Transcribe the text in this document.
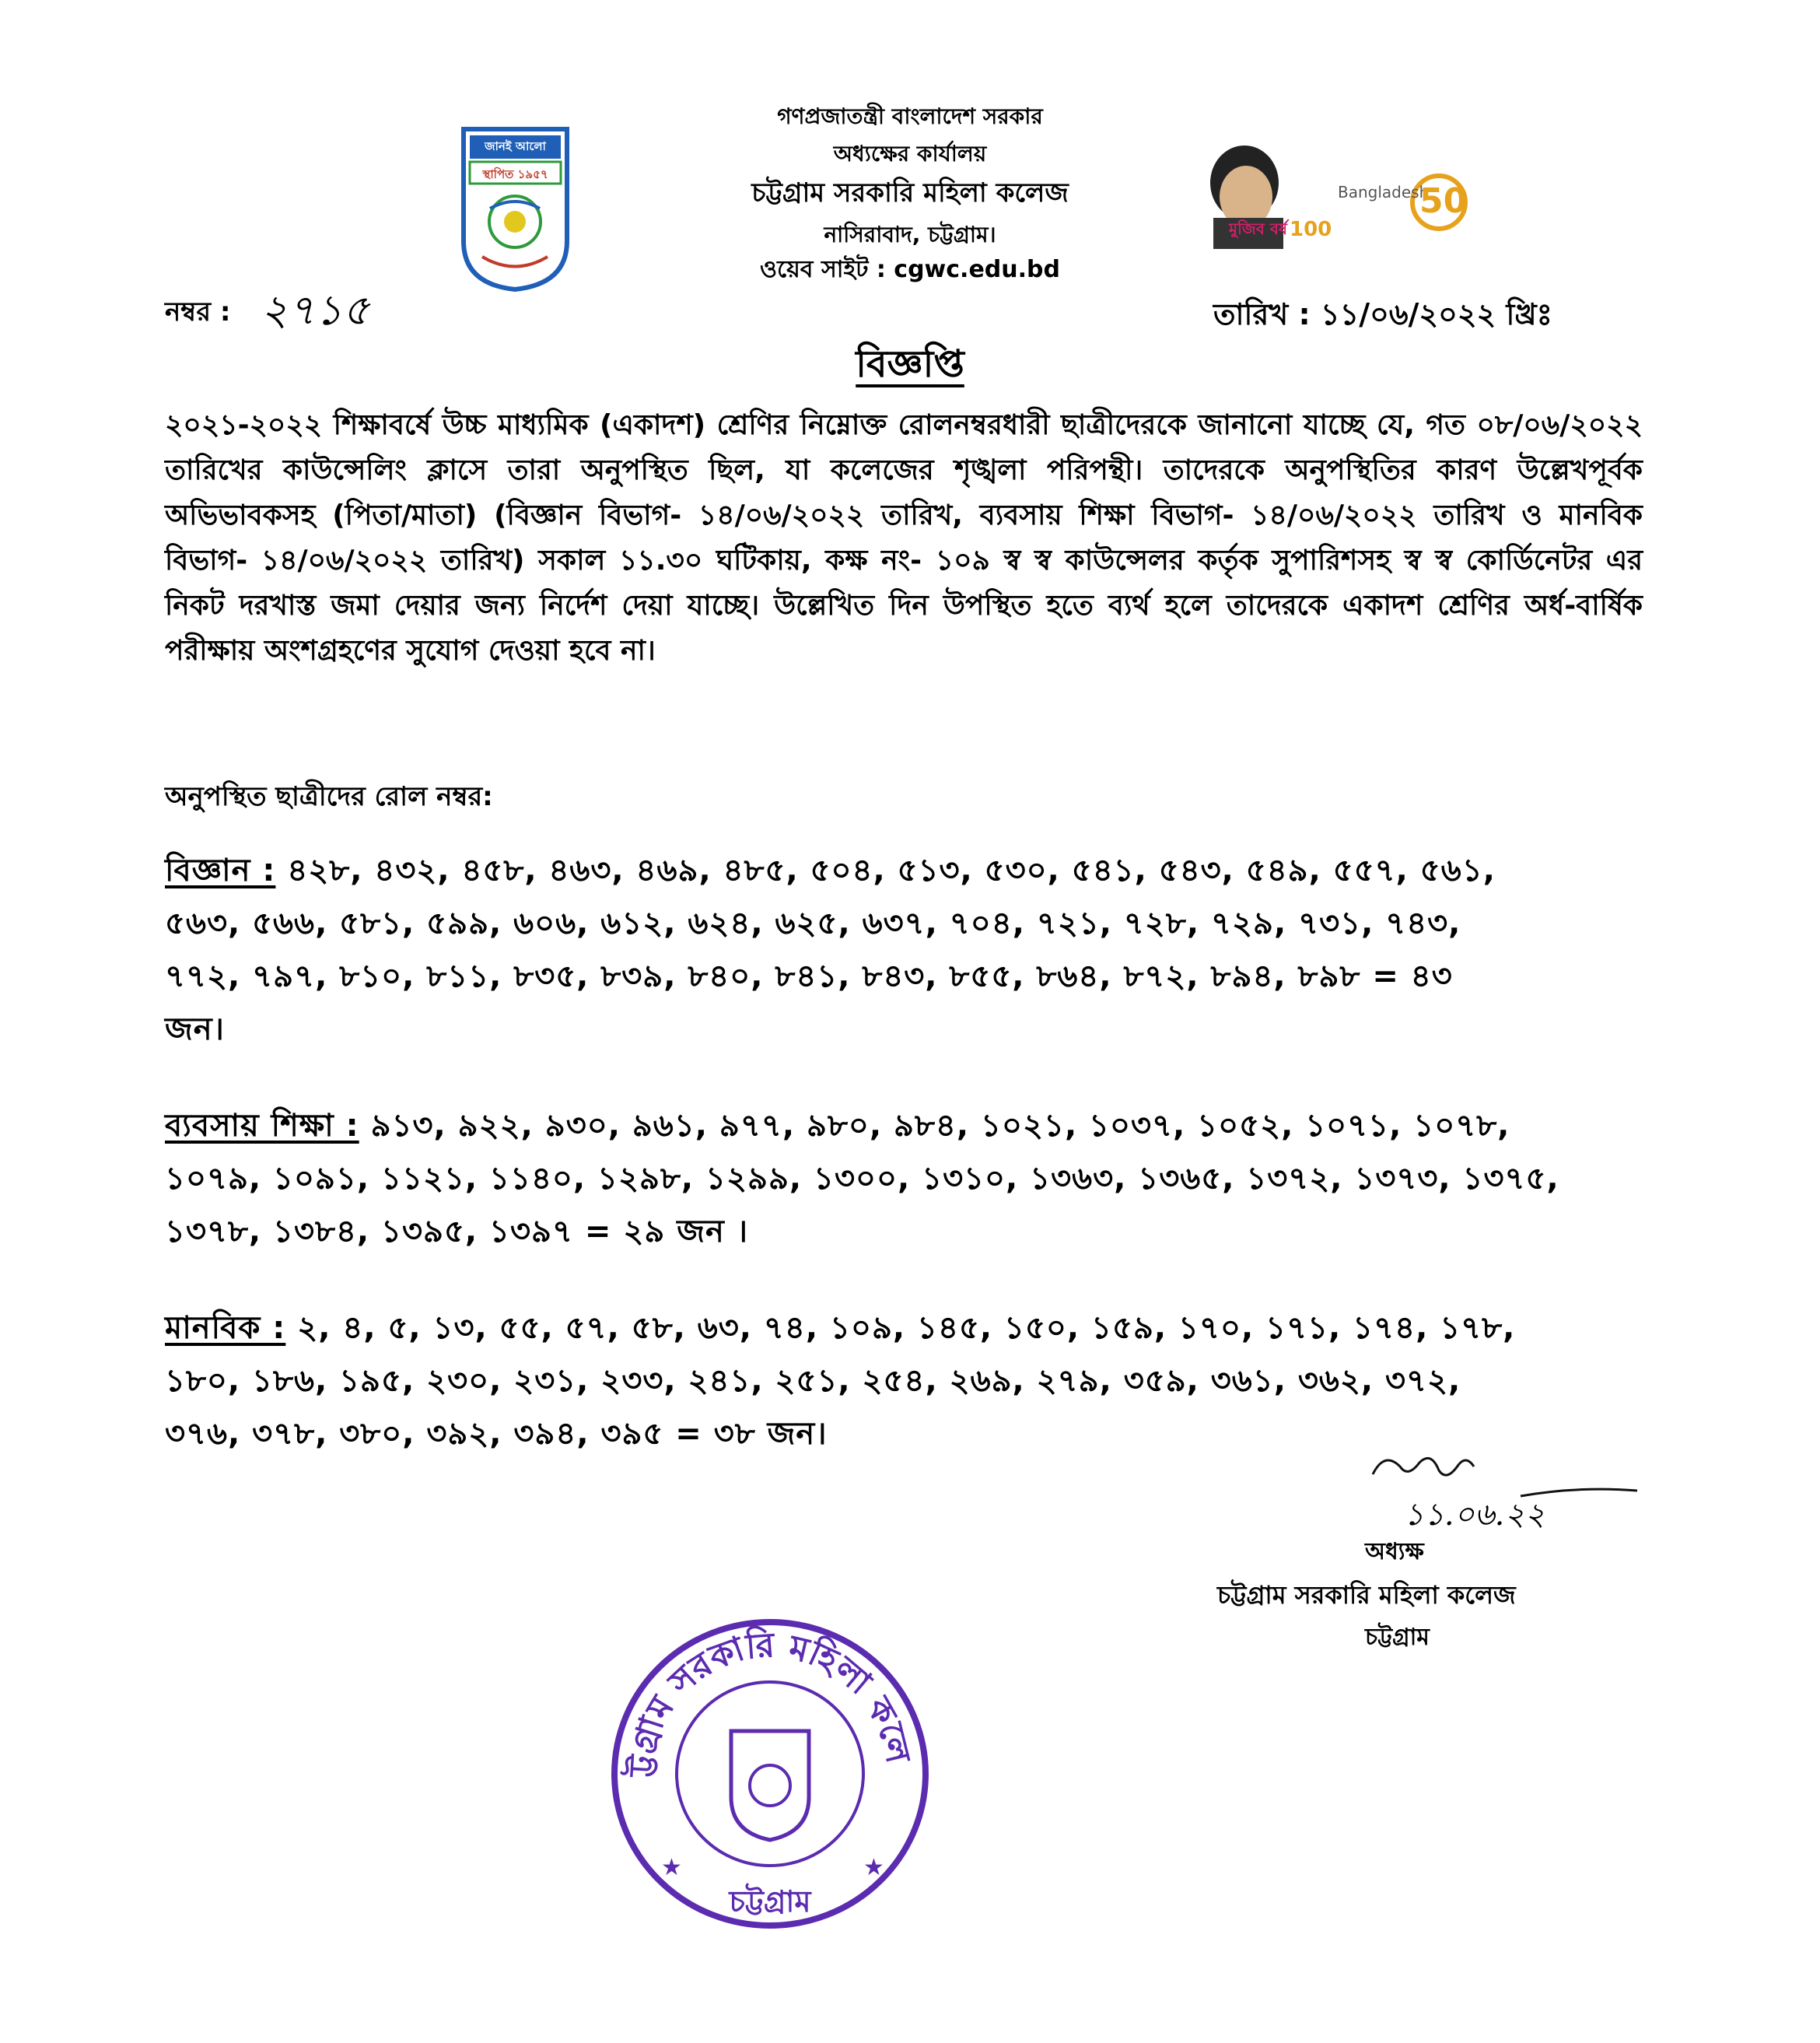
জানই আলো
স্থাপিত ১৯৫৭
গণপ্রজাতন্ত্রী বাংলাদেশ সরকার
অধ্যক্ষের কার্যালয়
চট্টগ্রাম সরকারি মহিলা কলেজ
নাসিরাবাদ, চট্টগ্রাম।
ওয়েব সাইট : cgwc.edu.bd
মুজিব বর্ষ 100
Bangladesh
50
নম্বর : ২৭১৫	তারিখ : ১১/০৬/২০২২ খ্রিঃ
বিজ্ঞপ্তি
২০২১-২০২২ শিক্ষাবর্ষে উচ্চ মাধ্যমিক (একাদশ) শ্রেণির নিম্নোক্ত রোলনম্বরধারী ছাত্রীদেরকে জানানো যাচ্ছে যে, গত ০৮/০৬/২০২২ তারিখের কাউন্সেলিং ক্লাসে তারা অনুপস্থিত ছিল, যা কলেজের শৃঙ্খলা পরিপন্থী। তাদেরকে অনুপস্থিতির কারণ উল্লেখপূর্বক অভিভাবকসহ (পিতা/মাতা) (বিজ্ঞান বিভাগ- ১৪/০৬/২০২২ তারিখ, ব্যবসায় শিক্ষা বিভাগ- ১৪/০৬/২০২২ তারিখ ও মানবিক বিভাগ- ১৪/০৬/২০২২ তারিখ) সকাল ১১.৩০ ঘটিকায়, কক্ষ নং- ১০৯ স্ব স্ব কাউন্সেলর কর্তৃক সুপারিশসহ স্ব স্ব কোর্ডিনেটর এর নিকট দরখাস্ত জমা দেয়ার জন্য নির্দেশ দেয়া যাচ্ছে। উল্লেখিত দিন উপস্থিত হতে ব্যর্থ হলে তাদেরকে একাদশ শ্রেণির অর্ধ-বার্ষিক পরীক্ষায় অংশগ্রহণের সুযোগ দেওয়া হবে না।
অনুপস্থিত ছাত্রীদের রোল নম্বর:
বিজ্ঞান : ৪২৮, ৪৩২, ৪৫৮, ৪৬৩, ৪৬৯, ৪৮৫, ৫০৪, ৫১৩, ৫৩০, ৫৪১, ৫৪৩, ৫৪৯, ৫৫৭, ৫৬১,
৫৬৩, ৫৬৬, ৫৮১, ৫৯৯, ৬০৬, ৬১২, ৬২৪, ৬২৫, ৬৩৭, ৭০৪, ৭২১, ৭২৮, ৭২৯, ৭৩১, ৭৪৩,
৭৭২, ৭৯৭, ৮১০, ৮১১, ৮৩৫, ৮৩৯, ৮৪০, ৮৪১, ৮৪৩, ৮৫৫, ৮৬৪, ৮৭২, ৮৯৪, ৮৯৮ = ৪৩
জন।
ব্যবসায় শিক্ষা : ৯১৩, ৯২২, ৯৩০, ৯৬১, ৯৭৭, ৯৮০, ৯৮৪, ১০২১, ১০৩৭, ১০৫২, ১০৭১, ১০৭৮,
১০৭৯, ১০৯১, ১১২১, ১১৪০, ১২৯৮, ১২৯৯, ১৩০০, ১৩১০, ১৩৬৩, ১৩৬৫, ১৩৭২, ১৩৭৩, ১৩৭৫,
১৩৭৮, ১৩৮৪, ১৩৯৫, ১৩৯৭ = ২৯ জন ।
মানবিক : ২, ৪, ৫, ১৩, ৫৫, ৫৭, ৫৮, ৬৩, ৭৪, ১০৯, ১৪৫, ১৫০, ১৫৯, ১৭০, ১৭১, ১৭৪, ১৭৮,
১৮০, ১৮৬, ১৯৫, ২৩০, ২৩১, ২৩৩, ২৪১, ২৫১, ২৫৪, ২৬৯, ২৭৯, ৩৫৯, ৩৬১, ৩৬২, ৩৭২,
৩৭৬, ৩৭৮, ৩৮০, ৩৯২, ৩৯৪, ৩৯৫ = ৩৮ জন।
১১.০৬.২২
অধ্যক্ষ
চট্টগ্রাম সরকারি মহিলা কলেজ
চট্টগ্রাম
ট্টগ্রাম সরকারি মহিলা কলে
★	★
চট্টগ্রাম
